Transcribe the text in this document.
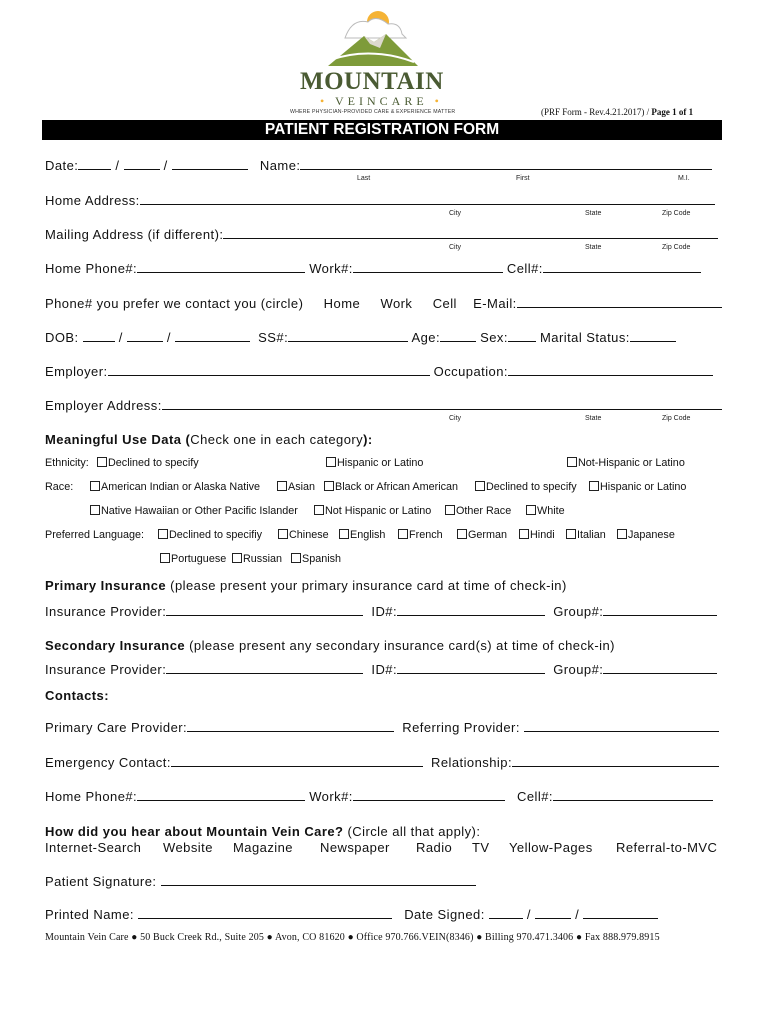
MOUNTAIN
• VEINCARE •
WHERE PHYSICIAN-PROVIDED CARE & EXPERIENCE MATTER	(PRF Form - Rev.4.21.2017) / Page 1 of 1
PATIENT REGISTRATION FORM
Date:	/	/	Name:
Last	First	M.I.
Home Address:
City	State	Zip Code
Mailing Address (if different):
City	State	Zip Code
Home Phone#:	Work#:	Cell#:
Phone# you prefer we contact you (circle) Home Work Cell E-Mail:
DOB:	/	/	SS#:	Age:	Sex: Marital Status:
Employer:	Occupation:
Employer Address:
City	State	Zip Code
Meaningful Use Data (Check one in each category):
Ethnicity:	Declined to specify	Hispanic or Latino	Not-Hispanic or Latino
Race:	American Indian or Alaska Native	Asian	Black or African American	Declined to specify	Hispanic or Latino
Native Hawaiian or Other Pacific Islander	Not Hispanic or Latino	Other Race	White
Preferred Language:	Declined to specifiy	Chinese	English	French	German	Hindi	Italian	Japanese
Portuguese	Russian	Spanish
Primary Insurance (please present your primary insurance card at time of check-in)
Insurance Provider:	ID#:	Group#:
Secondary Insurance (please present any secondary insurance card(s) at time of check-in)
Insurance Provider:	ID#:	Group#:
Contacts:
Primary Care Provider:	Referring Provider:
Emergency Contact:	Relationship:
Home Phone#:	Work#:	Cell#:
How did you hear about Mountain Vein Care? (Circle all that apply):
Internet-Search Website Magazine Newspaper Radio TV Yellow-Pages Referral-to-MVC
Patient Signature:
Printed Name:	Date Signed:	/	/
Mountain Vein Care ● 50 Buck Creek Rd., Suite 205 ● Avon, CO 81620 ● Office 970.766.VEIN(8346) ● Billing 970.471.3406 ● Fax 888.979.8915
